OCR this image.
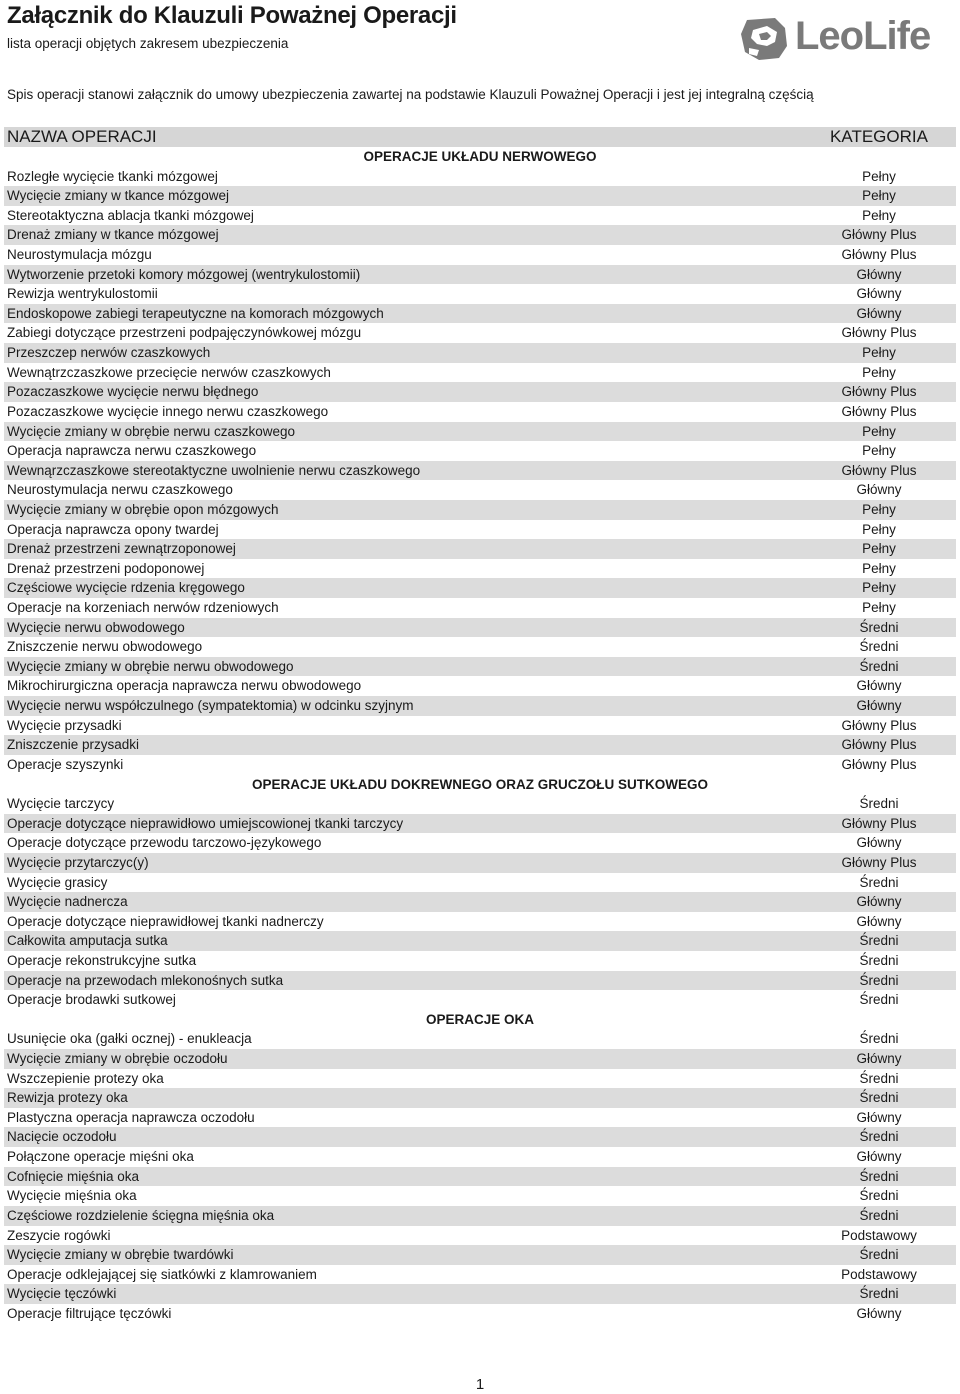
Załącznik do Klauzuli Poważnej Operacji
lista operacji objętych zakresem ubezpieczenia	LeoLife
Spis operacji stanowi załącznik do umowy ubezpieczenia zawartej na podstawie Klauzuli Poważnej Operacji i jest jej integralną częścią
NAZWA OPERACJI	KATEGORIA
OPERACJE UKŁADU NERWOWEGO
Rozległe wycięcie tkanki mózgowej	Pełny
Wycięcie zmiany w tkance mózgowej	Pełny
Stereotaktyczna ablacja tkanki mózgowej	Pełny
Drenaż zmiany w tkance mózgowej	Główny Plus
Neurostymulacja mózgu	Główny Plus
Wytworzenie przetoki komory mózgowej (wentrykulostomii)	Główny
Rewizja wentrykulostomii	Główny
Endoskopowe zabiegi terapeutyczne na komorach mózgowych	Główny
Zabiegi dotyczące przestrzeni podpajęczynówkowej mózgu	Główny Plus
Przeszczep nerwów czaszkowych	Pełny
Wewnątrzczaszkowe przecięcie nerwów czaszkowych	Pełny
Pozaczaszkowe wycięcie nerwu błędnego	Główny Plus
Pozaczaszkowe wycięcie innego nerwu czaszkowego	Główny Plus
Wycięcie zmiany w obrębie nerwu czaszkowego	Pełny
Operacja naprawcza nerwu czaszkowego	Pełny
Wewnąrzczaszkowe stereotaktyczne uwolnienie nerwu czaszkowego	Główny Plus
Neurostymulacja nerwu czaszkowego	Główny
Wycięcie zmiany w obrębie opon mózgowych	Pełny
Operacja naprawcza opony twardej	Pełny
Drenaż przestrzeni zewnątrzoponowej	Pełny
Drenaż przestrzeni podoponowej	Pełny
Częściowe wycięcie rdzenia kręgowego	Pełny
Operacje na korzeniach nerwów rdzeniowych	Pełny
Wycięcie nerwu obwodowego	Średni
Zniszczenie nerwu obwodowego	Średni
Wycięcie zmiany w obrębie nerwu obwodowego	Średni
Mikrochirurgiczna operacja naprawcza nerwu obwodowego	Główny
Wycięcie nerwu współczulnego (sympatektomia) w odcinku szyjnym	Główny
Wycięcie przysadki	Główny Plus
Zniszczenie przysadki	Główny Plus
Operacje szyszynki	Główny Plus
OPERACJE UKŁADU DOKREWNEGO ORAZ GRUCZOŁU SUTKOWEGO
Wycięcie tarczycy	Średni
Operacje dotyczące nieprawidłowo umiejscowionej tkanki tarczycy	Główny Plus
Operacje dotyczące przewodu tarczowo-językowego	Główny
Wycięcie przytarczyc(y)	Główny Plus
Wycięcie grasicy	Średni
Wycięcie nadnercza	Główny
Operacje dotyczące nieprawidłowej tkanki nadnerczy	Główny
Całkowita amputacja sutka	Średni
Operacje rekonstrukcyjne sutka	Średni
Operacje na przewodach mlekonośnych sutka	Średni
Operacje brodawki sutkowej	Średni
OPERACJE OKA
Usunięcie oka (gałki ocznej) - enukleacja	Średni
Wycięcie zmiany w obrębie oczodołu	Główny
Wszczepienie protezy oka	Średni
Rewizja protezy oka	Średni
Plastyczna operacja naprawcza oczodołu	Główny
Nacięcie oczodołu	Średni
Połączone operacje mięśni oka	Główny
Cofnięcie mięśnia oka	Średni
Wycięcie mięśnia oka	Średni
Częściowe rozdzielenie ścięgna mięśnia oka	Średni
Zeszycie rogówki	Podstawowy
Wycięcie zmiany w obrębie twardówki	Średni
Operacje odklejającej się siatkówki z klamrowaniem	Podstawowy
Wycięcie tęczówki	Średni
Operacje filtrujące tęczówki	Główny
1
